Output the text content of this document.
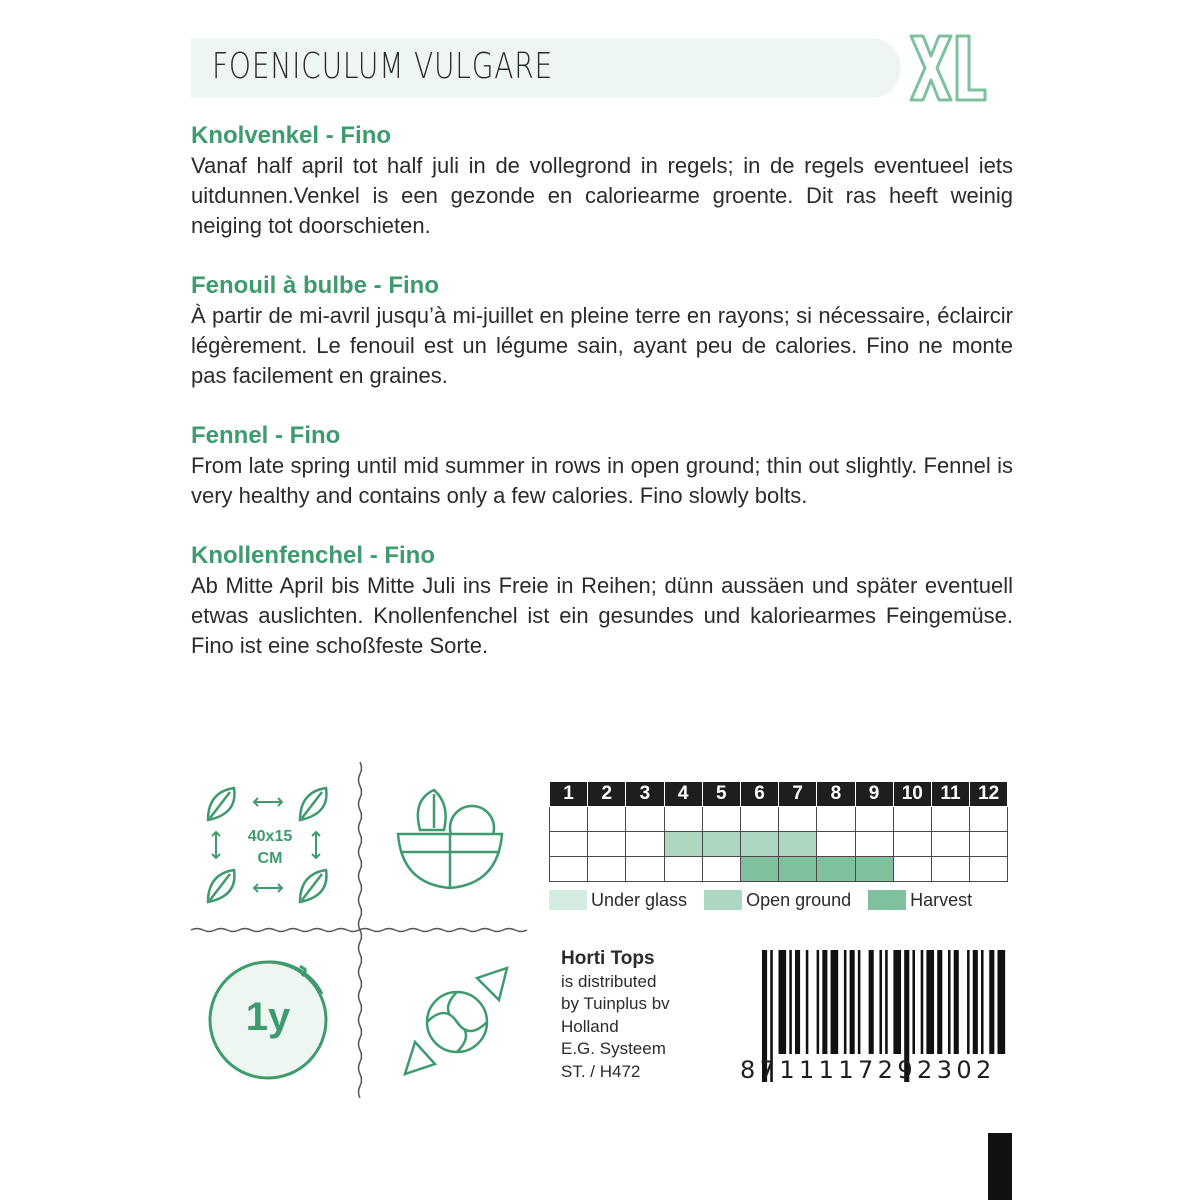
FOENICULUM VULGARE
Knolvenkel - Fino

Vanaf half april tot half juli in de vollegrond in regels; in de regels eventueel iets uitdunnen.Venkel is een gezonde en caloriearme groente. Dit ras heeft weinig neiging tot doorschieten.

Fenouil à bulbe - Fino

À partir de mi-avril jusqu’à mi-juillet en pleine terre en rayons; si nécessaire, éclaircir légèrement. Le fenouil est un légume sain, ayant peu de calories. Fino ne monte pas facilement en graines.

Fennel - Fino

From late spring until mid summer in rows in open ground; thin out slightly. Fennel is very healthy and contains only a few calories. Fino slowly bolts.

Knollenfenchel - Fino

Ab Mitte April bis Mitte Juli ins Freie in Reihen; dünn aussäen und später eventuell etwas auslichten. Knollenfenchel ist ein gesundes und kaloriearmes Feingemüse. Fino ist eine schoßfeste Sorte.

40x15
CM
1y
1	2	3	4	5	6	7	8	9	10	11	12

Under glass	Open ground	Harvest
Horti Tops
is distributed
by Tuinplus bv
Holland
E.G. Systeem
ST. / H472	8711117292302
